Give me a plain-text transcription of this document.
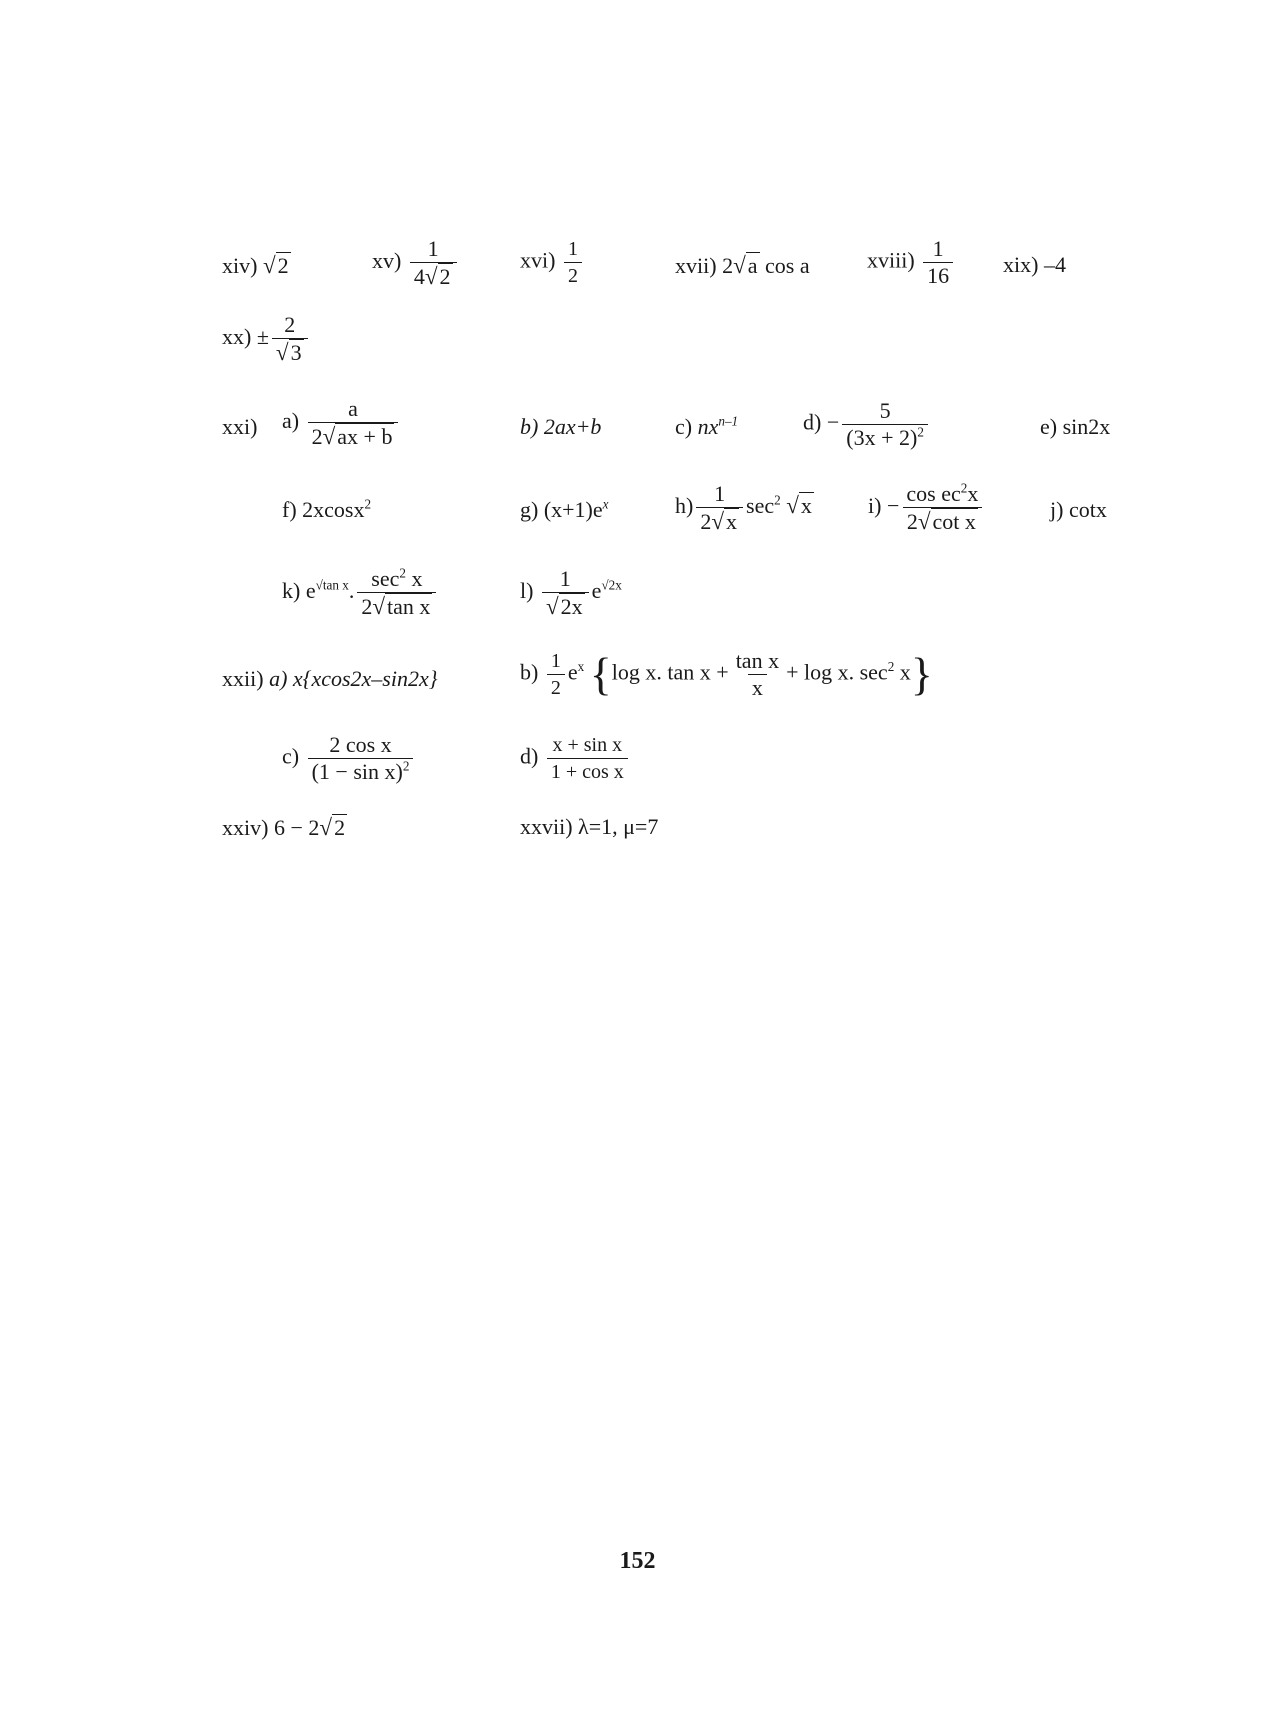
xiv) √2	$xv) \frac{1}{4√2}$	$xvi) \frac{1}{2}$	xvii) 2√a cos a	xviii) $\frac{1}{16} xix$) –4
$xx) \pm \frac{2}{√3}$
xxi) $a) \frac{a}{2√ax + b}$	b) 2ax+b	c) $nx^{n-1}$	$d) - \frac{5}{(3x + 2)^2}$	e) sin2x
f) 2xcosx$^2$	g) $(x+1)e^x$	$h) \frac{1}{2√x} \sec^2 √x$	$i) - \frac{\cos ec^2x}{\text{2√cot x}}$	j) cotx
k) $e^{√tan x}$. $\frac{\sec^2 x}{\text{2√tan x}}$	$l) \frac{1}{√2x} e^{√2x}$
xxii) a) x{xcos2x–sin2x}	$b) \frac{1}{2} e^x$ {log x. $\tan x + \frac{\text{tan x}}{x} + \log x$. $\sec^2 x$}
$c) \frac{\text{2 cos x}}{(1 - \sin x)^2}$	$d) \frac{\text{x + sin x}}{\text{1 + cos x}}$
xxiv) 6 − 2√2	xxvii) λ=1, μ=7
152
